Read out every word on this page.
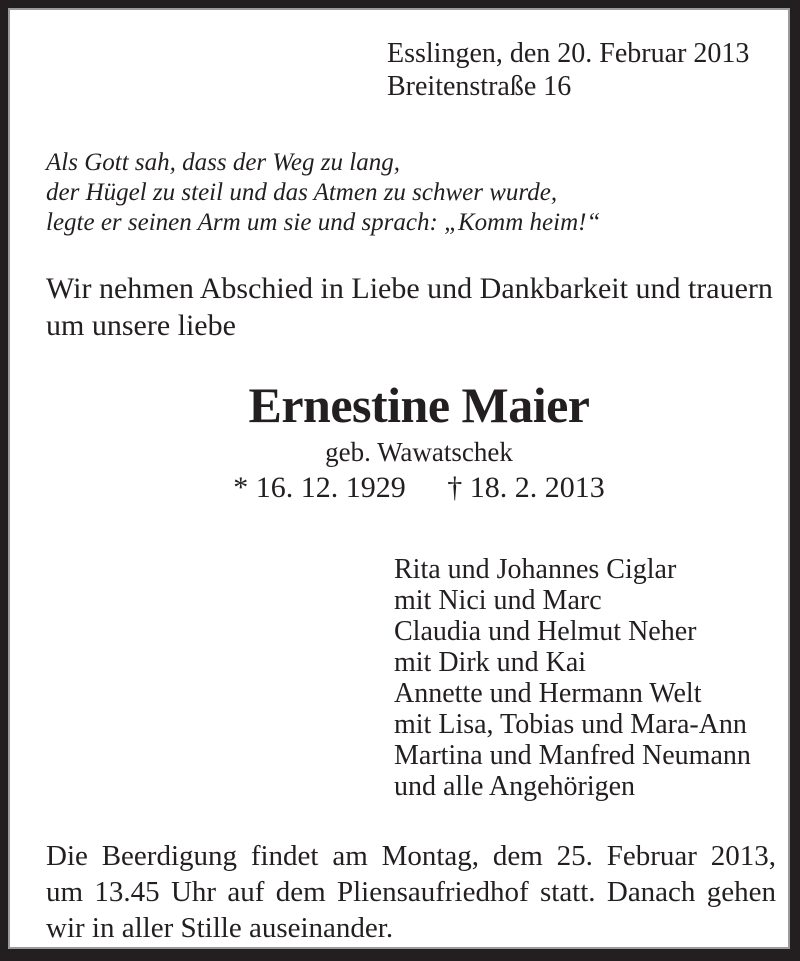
Esslingen, den 20. Februar 2013
Breitenstraße 16
Als Gott sah, dass der Weg zu lang,
der Hügel zu steil und das Atmen zu schwer wurde,
legte er seinen Arm um sie und sprach: „Komm heim!“
Wir nehmen Abschied in Liebe und Dankbarkeit und trauern
um unsere liebe
Ernestine Maier
geb. Wawatschek
* 16. 12. 1929 † 18. 2. 2013
Rita und Johannes Ciglar
mit Nici und Marc
Claudia und Helmut Neher
mit Dirk und Kai
Annette und Hermann Welt
mit Lisa, Tobias und Mara-Ann
Martina und Manfred Neumann
und alle Angehörigen
Die Beerdigung findet am Montag, dem 25. Februar 2013,
um 13.45 Uhr auf dem Pliensaufriedhof statt. Danach gehen
wir in aller Stille auseinander.
